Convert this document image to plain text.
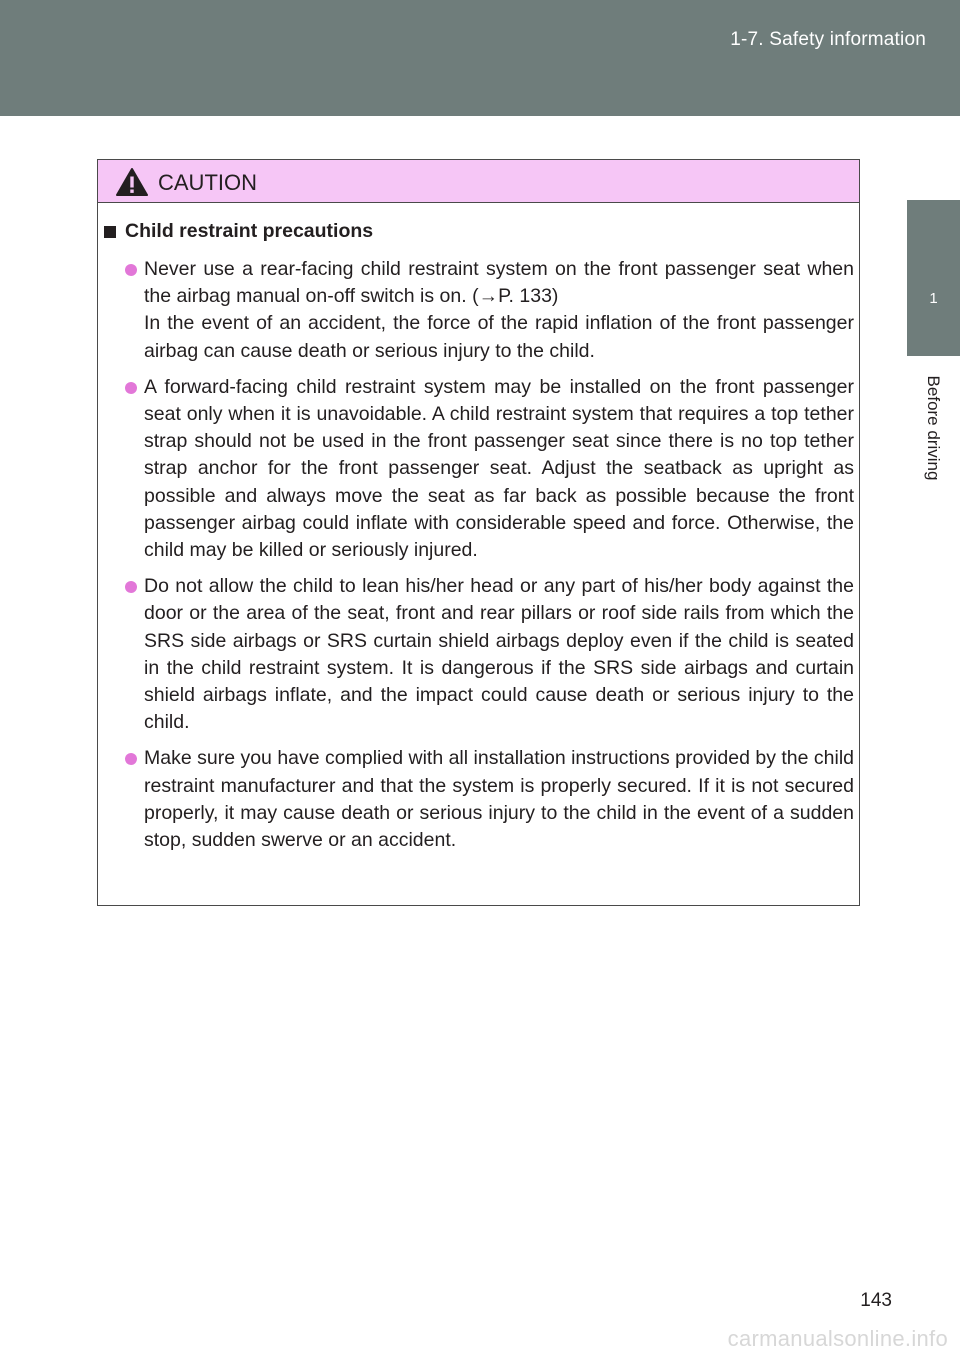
1-7. Safety information
1
Before driving
CAUTION
Child restraint precautions
Never use a rear-facing child restraint system on the front passenger seat when the airbag manual on-off switch is on. (→P. 133)
In the event of an accident, the force of the rapid inflation of the front passenger airbag can cause death or serious injury to the child.
A forward-facing child restraint system may be installed on the front passenger seat only when it is unavoidable. A child restraint system that requires a top tether strap should not be used in the front passenger seat since there is no top tether strap anchor for the front passenger seat. Adjust the seatback as upright as possible and always move the seat as far back as possible because the front passenger airbag could inflate with considerable speed and force. Otherwise, the child may be killed or seriously injured.
Do not allow the child to lean his/her head or any part of his/her body against the door or the area of the seat, front and rear pillars or roof side rails from which the SRS side airbags or SRS curtain shield airbags deploy even if the child is seated in the child restraint system. It is dangerous if the SRS side airbags and curtain shield airbags inflate, and the impact could cause death or serious injury to the child.
Make sure you have complied with all installation instructions provided by the child restraint manufacturer and that the system is properly secured. If it is not secured properly, it may cause death or serious injury to the child in the event of a sudden stop, sudden swerve or an accident.
143
carmanualsonline.info
